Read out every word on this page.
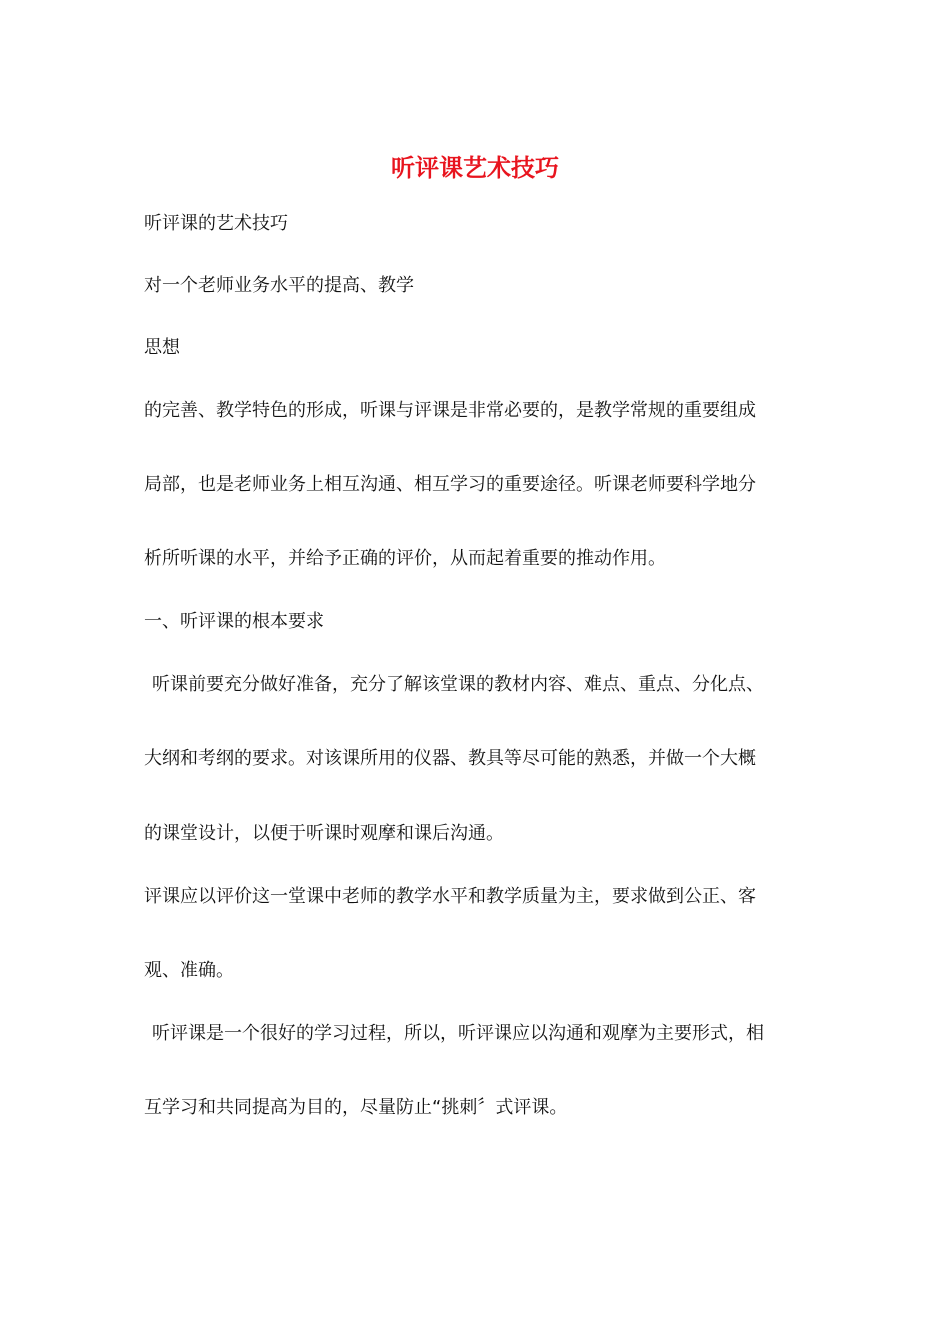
听评课艺术技巧

听评课的艺术技巧

对一个老师业务水平的提高、教学

思想

的完善、教学特色的形成，听课与评课是非常必要的，是教学常规的重要组成

局部，也是老师业务上相互沟通、相互学习的重要途径。听课老师要科学地分

析所听课的水平，并给予正确的评价，从而起着重要的推动作用。

一、听评课的根本要求

听课前要充分做好准备，充分了解该堂课的教材内容、难点、重点、分化点、

大纲和考纲的要求。对该课所用的仪器、教具等尽可能的熟悉，并做一个大概

的课堂设计，以便于听课时观摩和课后沟通。

评课应以评价这一堂课中老师的教学水平和教学质量为主，要求做到公正、客

观、准确。

听评课是一个很好的学习过程，所以，听评课应以沟通和观摩为主要形式，相

互学习和共同提高为目的，尽量防止“挑刺〞式评课。
